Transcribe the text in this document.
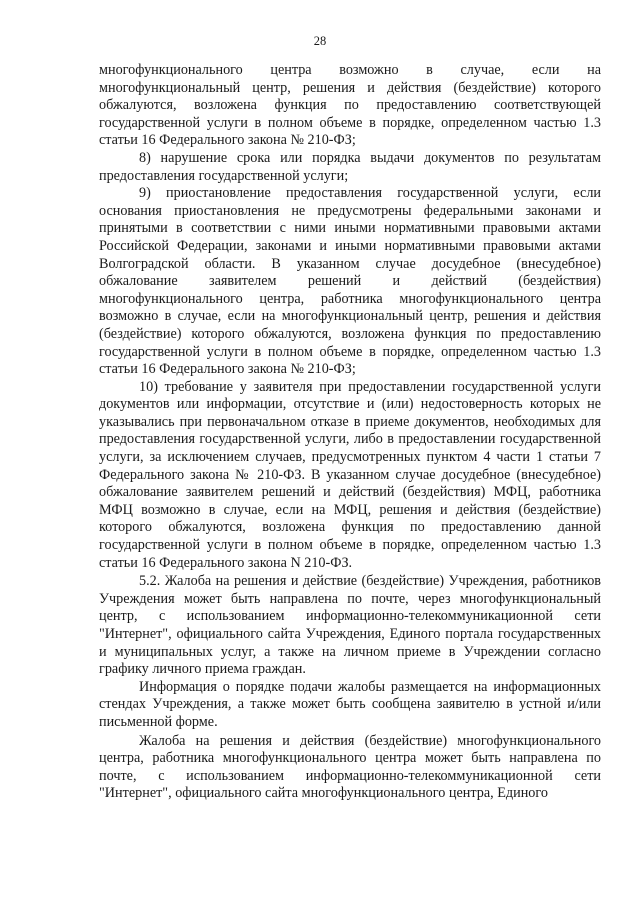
28

многофункционального центра возможно в случае, если на многофункциональный центр, решения и действия (бездействие) которого обжалуются, возложена функция по предоставлению соответствующей государственной услуги в полном объеме в порядке, определенном частью 1.3 статьи 16 Федерального закона № 210-ФЗ;

8) нарушение срока или порядка выдачи документов по результатам предоставления государственной услуги;

9) приостановление предоставления государственной услуги, если основания приостановления не предусмотрены федеральными законами и принятыми в соответствии с ними иными нормативными правовыми актами Российской Федерации, законами и иными нормативными правовыми актами Волгоградской области. В указанном случае досудебное (внесудебное) обжалование заявителем решений и действий (бездействия) многофункционального центра, работника многофункционального центра возможно в случае, если на многофункциональный центр, решения и действия (бездействие) которого обжалуются, возложена функция по предоставлению государственной услуги в полном объеме в порядке, определенном частью 1.3 статьи 16 Федерального закона № 210-ФЗ;

10) требование у заявителя при предоставлении государственной услуги документов или информации, отсутствие и (или) недостоверность которых не указывались при первоначальном отказе в приеме документов, необходимых для предоставления государственной услуги, либо в предоставлении государственной услуги, за исключением случаев, предусмотренных пунктом 4 части 1 статьи 7 Федерального закона № 210-ФЗ. В указанном случае досудебное (внесудебное) обжалование заявителем решений и действий (бездействия) МФЦ, работника МФЦ возможно в случае, если на МФЦ, решения и действия (бездействие) которого обжалуются, возложена функция по предоставлению данной государственной услуги в полном объеме в порядке, определенном частью 1.3 статьи 16 Федерального закона N 210-ФЗ.

5.2. Жалоба на решения и действие (бездействие) Учреждения, работников Учреждения может быть направлена по почте, через многофункциональный центр, с использованием информационно-телекоммуникационной сети "Интернет", официального сайта Учреждения, Единого портала государственных и муниципальных услуг, а также на личном приеме в Учреждении согласно графику личного приема граждан.

Информация о порядке подачи жалобы размещается на информационных стендах Учреждения, а также может быть сообщена заявителю в устной и/или письменной форме.

Жалоба на решения и действия (бездействие) многофункционального центра, работника многофункционального центра может быть направлена по почте, с использованием информационно-телекоммуникационной сети "Интернет", официального сайта многофункционального центра, Единого
